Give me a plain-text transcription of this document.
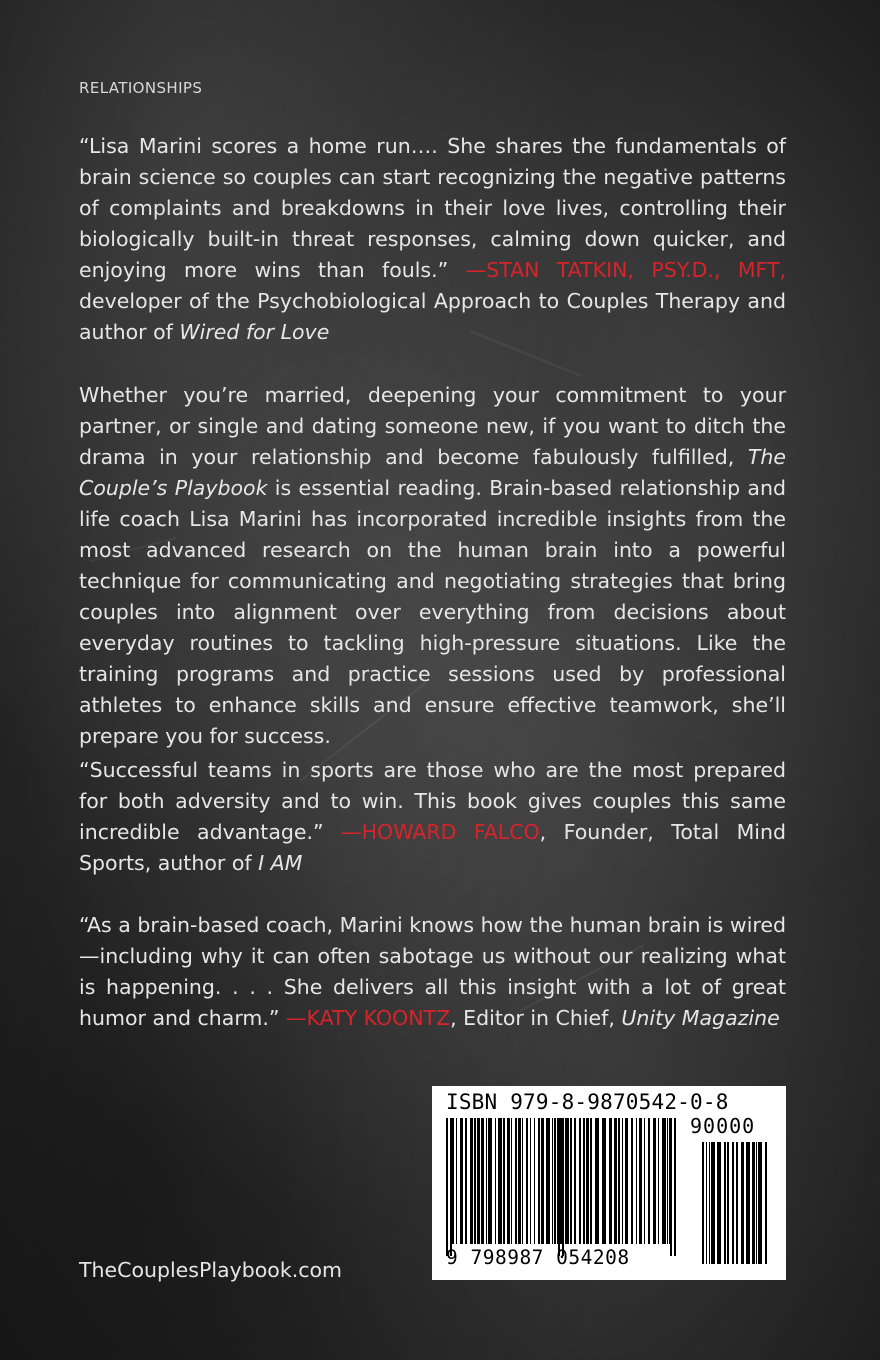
RELATIONSHIPS
“Lisa Marini scores a home run…. She shares the fundamentals of brain science so couples can start recognizing the negative patterns of complaints and breakdowns in their love lives, controlling their biologically built-in threat responses, calming down quicker, and enjoying more wins than fouls.” —STAN TATKIN, PSY.D., MFT, developer of the Psychobiological Approach to Couples Therapy and author of Wired for Love
Whether you’re married, deepening your commitment to your partner, or single and dating someone new, if you want to ditch the drama in your relationship and become fabulously fulfilled, The Couple’s Playbook is essential reading. Brain-based relationship and life coach Lisa Marini has incorporated incredible insights from the most advanced research on the human brain into a powerful technique for communicating and negotiating strategies that bring couples into alignment over everything from decisions about everyday routines to tackling high-pressure situations. Like the training programs and practice sessions used by professional athletes to enhance skills and ensure effective teamwork, she’ll prepare you for success.
“Successful teams in sports are those who are the most prepared for both adversity and to win. This book gives couples this same incredible advantage.” —HOWARD FALCO, Founder, Total Mind Sports, author of I AM
“As a brain-based coach, Marini knows how the human brain is wired—including why it can often sabotage us without our realizing what is happening. . . . She delivers all this insight with a lot of great humor and charm.” —KATY KOONTZ, Editor in Chief, Unity Magazine
TheCouplesPlaybook.com
ISBN 979-8-9870542-0-8
90000
9 798987 054208
